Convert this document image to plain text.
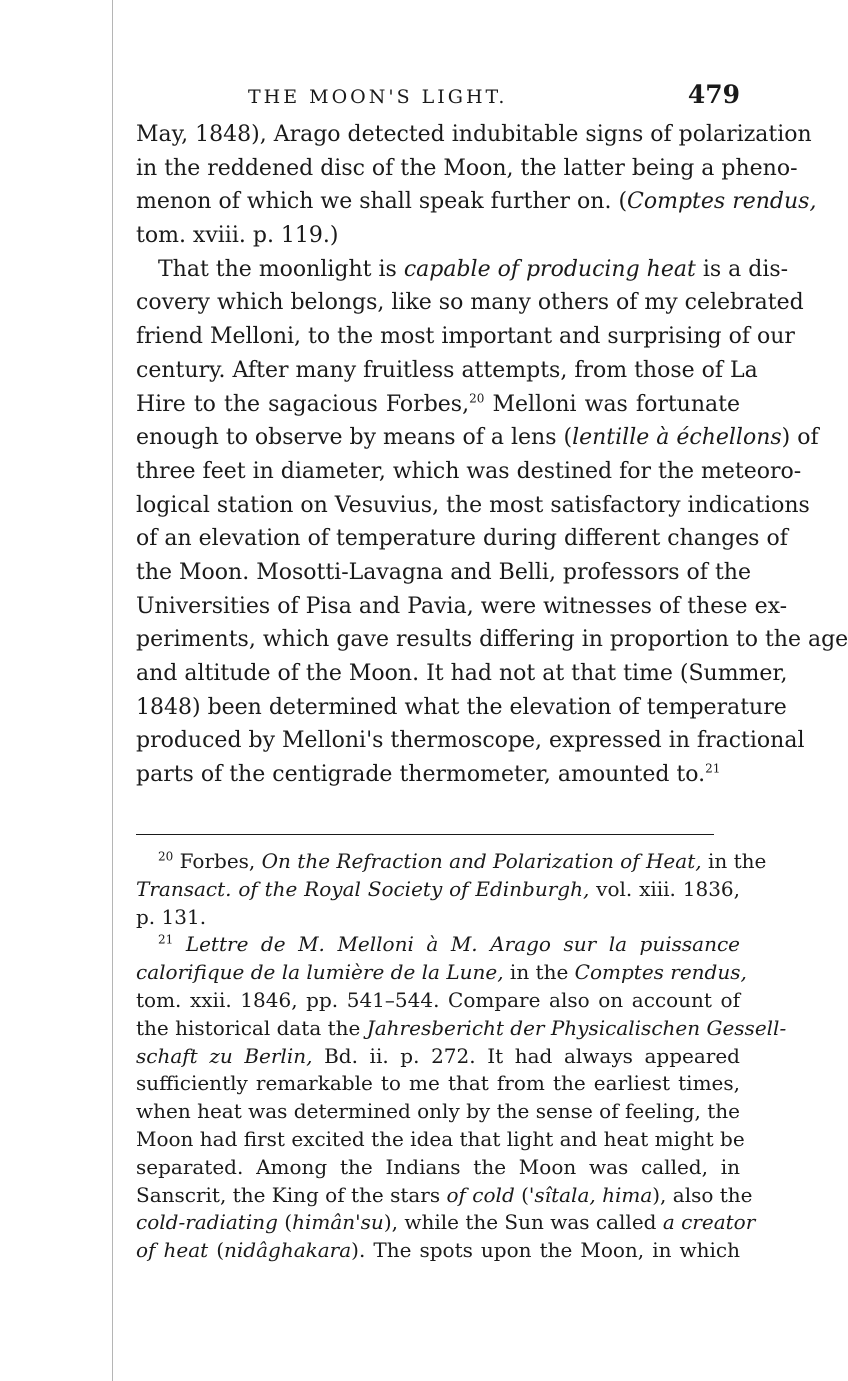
THE MOON'S LIGHT.	479
May, 1848), Arago detected indubitable signs of polarization
in the reddened disc of the Moon, the latter being a pheno-
menon of which we shall speak further on. (Comptes rendus,
tom. xviii. p. 119.)
That the moonlight is capable of producing heat is a dis-
covery which belongs, like so many others of my celebrated
friend Melloni, to the most important and surprising of our
century. After many fruitless attempts, from those of La
Hire to the sagacious Forbes,$^{20}$ Melloni was fortunate
enough to observe by means of a lens (lentille à échellons) of
three feet in diameter, which was destined for the meteoro-
logical station on Vesuvius, the most satisfactory indications
of an elevation of temperature during different changes of
the Moon. Mosotti-Lavagna and Belli, professors of the
Universities of Pisa and Pavia, were witnesses of these ex-
periments, which gave results differing in proportion to the age
and altitude of the Moon. It had not at that time (Summer,
1848) been determined what the elevation of temperature
produced by Melloni's thermoscope, expressed in fractional
parts of the centigrade thermometer, amounted to.$^{21}$
$^{20}$ Forbes, On the Refraction and Polarization of Heat, in the
Transact. of the Royal Society of Edinburgh, vol. xiii. 1836,
p. 131.
$^{21}$ Lettre de M. Melloni à M. Arago sur la puissance
calorifique de la lumière de la Lune, in the Comptes rendus,
tom. xxii. 1846, pp. 541–544. Compare also on account of
the historical data the Jahresbericht der Physicalischen Gessell-
schaft zu Berlin, Bd. ii. p. 272. It had always appeared
sufficiently remarkable to me that from the earliest times,
when heat was determined only by the sense of feeling, the
Moon had first excited the idea that light and heat might be
separated. Among the Indians the Moon was called, in
Sanscrit, the King of the stars of cold ('sîtala, hima), also the
cold-radiating (himân'su), while the Sun was called a creator
of heat (nidâghakara). The spots upon the Moon, in which
